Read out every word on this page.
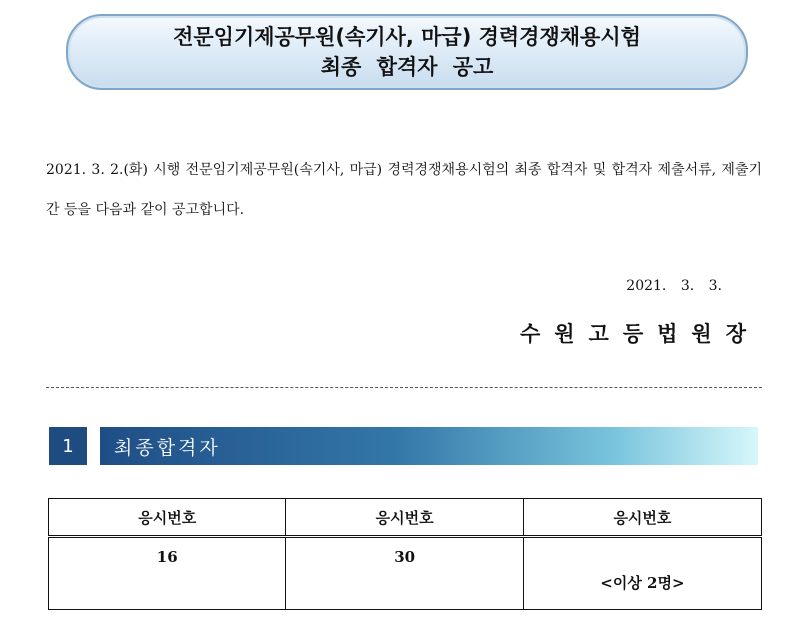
전문임기제공무원(속기사, 마급) 경력경쟁채용시험
최종 합격자 공고
2021. 3. 2.(화) 시행 전문임기제공무원(속기사, 마급) 경력경쟁채용시험의 최종 합격자 및 합격자 제출서류, 제출기간 등을 다음과 같이 공고합니다.
2021. 3. 3.
수원고등법원장
1	최종합격자
응시번호	응시번호	응시번호
16	30	<이상 2명>
